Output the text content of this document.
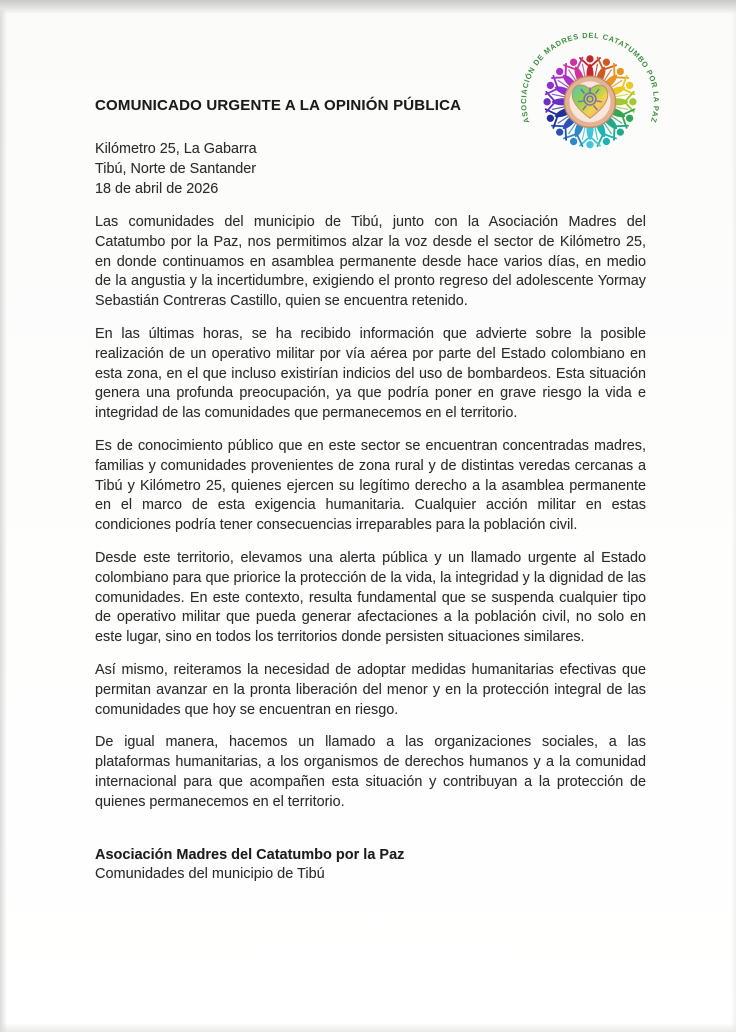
ASOCIACIÓN DE MADRES DEL CATATUMBO POR LA PAZ
COMUNICADO URGENTE A LA OPINIÓN PÚBLICA
Kilómetro 25, La Gabarra
Tibú, Norte de Santander
18 de abril de 2026

Las comunidades del municipio de Tibú, junto con la Asociación Madres del Catatumbo por la Paz, nos permitimos alzar la voz desde el sector de Kilómetro 25, en donde continuamos en asamblea permanente desde hace varios días, en medio de la angustia y la incertidumbre, exigiendo el pronto regreso del adolescente Yormay Sebastián Contreras Castillo, quien se encuentra retenido.

En las últimas horas, se ha recibido información que advierte sobre la posible realización de un operativo militar por vía aérea por parte del Estado colombiano en esta zona, en el que incluso existirían indicios del uso de bombardeos. Esta situación genera una profunda preocupación, ya que podría poner en grave riesgo la vida e integridad de las comunidades que permanecemos en el territorio.

Es de conocimiento público que en este sector se encuentran concentradas madres, familias y comunidades provenientes de zona rural y de distintas veredas cercanas a Tibú y Kilómetro 25, quienes ejercen su legítimo derecho a la asamblea permanente en el marco de esta exigencia humanitaria. Cualquier acción militar en estas condiciones podría tener consecuencias irreparables para la población civil.

Desde este territorio, elevamos una alerta pública y un llamado urgente al Estado colombiano para que priorice la protección de la vida, la integridad y la dignidad de las comunidades. En este contexto, resulta fundamental que se suspenda cualquier tipo de operativo militar que pueda generar afectaciones a la población civil, no solo en este lugar, sino en todos los territorios donde persisten situaciones similares.

Así mismo, reiteramos la necesidad de adoptar medidas humanitarias efectivas que permitan avanzar en la pronta liberación del menor y en la protección integral de las comunidades que hoy se encuentran en riesgo.

De igual manera, hacemos un llamado a las organizaciones sociales, a las plataformas humanitarias, a los organismos de derechos humanos y a la comunidad internacional para que acompañen esta situación y contribuyan a la protección de quienes permanecemos en el territorio.

Asociación Madres del Catatumbo por la Paz
Comunidades del municipio de Tibú
